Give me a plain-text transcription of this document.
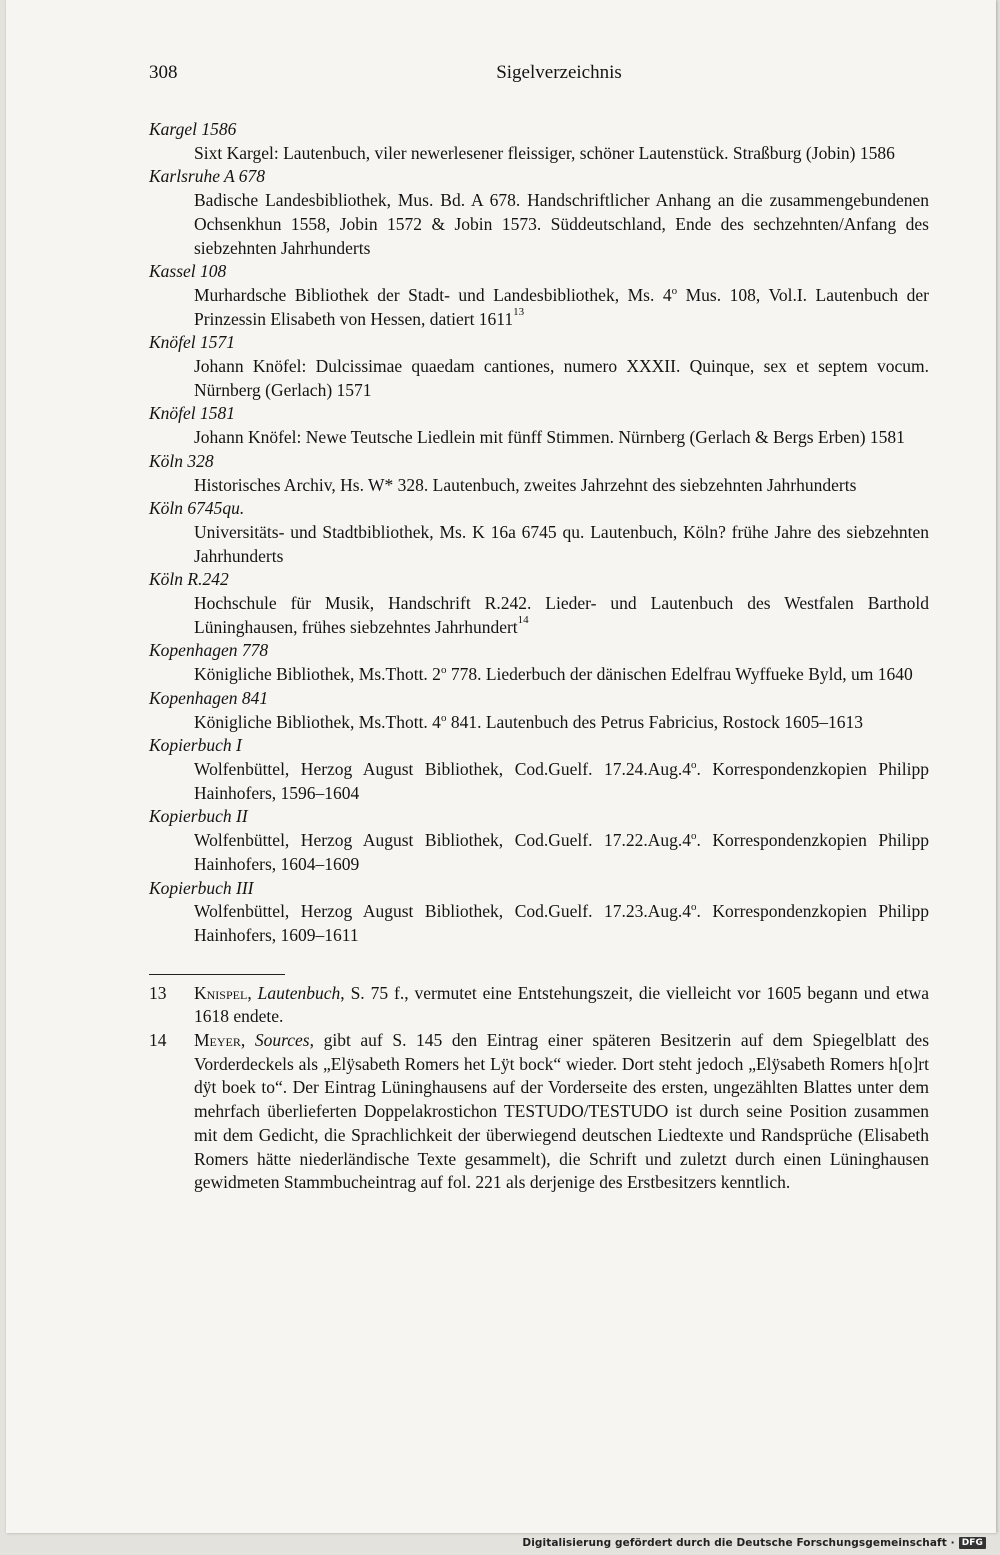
308	Sigelverzeichnis
Kargel 1586
Sixt Kargel: Lautenbuch, viler newerlesener fleissiger, schöner Lautenstück. Straßburg (Jobin) 1586
Karlsruhe A 678
Badische Landesbibliothek, Mus. Bd. A 678. Handschriftlicher Anhang an die zusammengebundenen Ochsenkhun 1558, Jobin 1572 & Jobin 1573. Süddeutschland, Ende des sechzehnten/Anfang des siebzehnten Jahrhunderts
Kassel 108
Murhardsche Bibliothek der Stadt- und Landesbibliothek, Ms. 4$^o$ Mus. 108, Vol.I. Lautenbuch der Prinzessin Elisabeth von Hessen, datiert 1611$^{13}$
Knöfel 1571
Johann Knöfel: Dulcissimae quaedam cantiones, numero XXXII. Quinque, sex et septem vocum. Nürnberg (Gerlach) 1571
Knöfel 1581
Johann Knöfel: Newe Teutsche Liedlein mit fünff Stimmen. Nürnberg (Gerlach & Bergs Erben) 1581
Köln 328
Historisches Archiv, Hs. W* 328. Lautenbuch, zweites Jahrzehnt des siebzehnten Jahrhunderts
Köln 6745qu.
Universitäts- und Stadtbibliothek, Ms. K 16a 6745 qu. Lautenbuch, Köln? frühe Jahre des siebzehnten Jahrhunderts
Köln R.242
Hochschule für Musik, Handschrift R.242. Lieder- und Lautenbuch des Westfalen Barthold Lüninghausen, frühes siebzehntes Jahrhundert$^{14}$
Kopenhagen 778
Königliche Bibliothek, Ms.Thott. 2$^o$ 778. Liederbuch der dänischen Edelfrau Wyffueke Byld, um 1640
Kopenhagen 841
Königliche Bibliothek, Ms.Thott. 4$^o$ 841. Lautenbuch des Petrus Fabricius, Rostock 1605–1613
Kopierbuch I
Wolfenbüttel, Herzog August Bibliothek, Cod.Guelf. 17.24.Aug.4$^o$. Korrespondenzkopien Philipp Hainhofers, 1596–1604
Kopierbuch II
Wolfenbüttel, Herzog August Bibliothek, Cod.Guelf. 17.22.Aug.4$^o$. Korrespondenzkopien Philipp Hainhofers, 1604–1609
Kopierbuch III
Wolfenbüttel, Herzog August Bibliothek, Cod.Guelf. 17.23.Aug.4$^o$. Korrespondenzkopien Philipp Hainhofers, 1609–1611
13	Knispel, Lautenbuch, S. 75 f., vermutet eine Entstehungszeit, die vielleicht vor 1605 begann und etwa 1618 endete.
14	Meyer, Sources, gibt auf S. 145 den Eintrag einer späteren Besitzerin auf dem Spiegelblatt des Vorderdeckels als „Elÿsabeth Romers het Lÿt bock“ wieder. Dort steht jedoch „Elÿsabeth Romers h[o]rt dÿt boek to“. Der Eintrag Lüninghausens auf der Vorderseite des ersten, ungezählten Blattes unter dem mehrfach überlieferten Doppelakrostichon TESTUDO/TESTUDO ist durch seine Position zusammen mit dem Gedicht, die Sprachlichkeit der überwiegend deutschen Liedtexte und Randsprüche (Elisabeth Romers hätte niederländische Texte gesammelt), die Schrift und zuletzt durch einen Lüninghausen gewidmeten Stammbucheintrag auf fol. 221 als derjenige des Erstbesitzers kenntlich.
Digitalisierung gefördert durch die Deutsche Forschungsgemeinschaft · DFG
